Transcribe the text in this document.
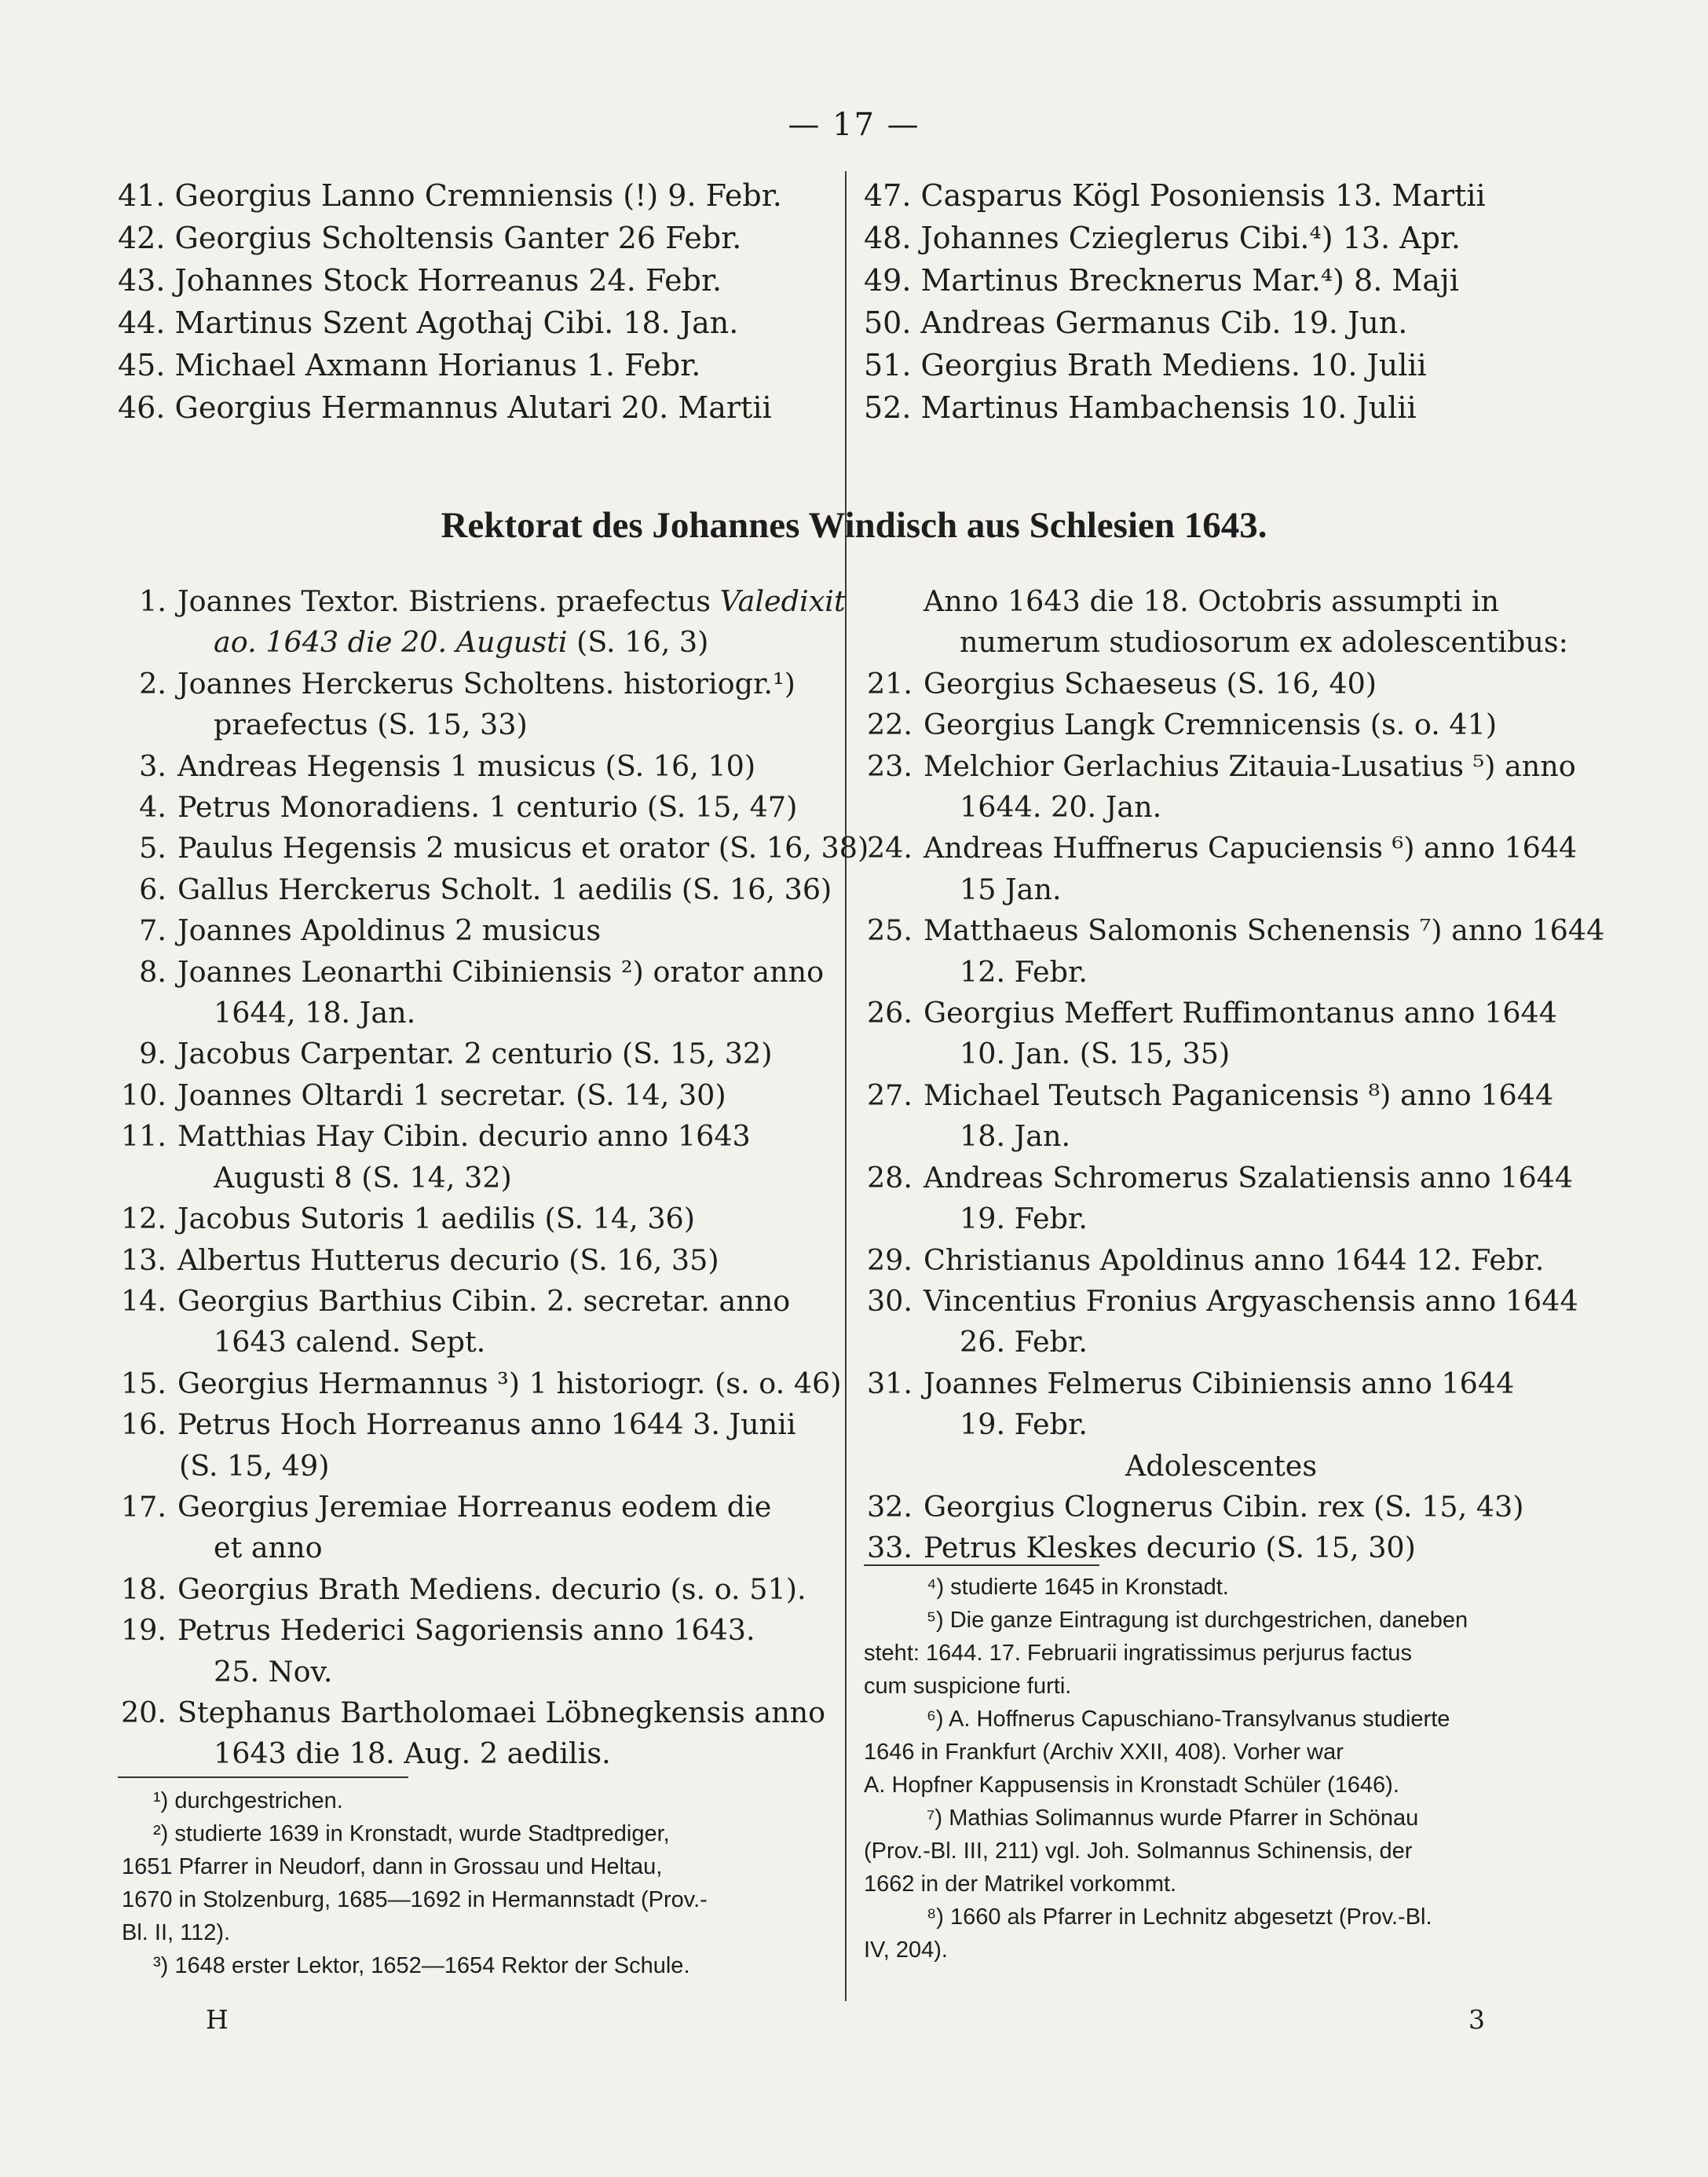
— 17 —
41. Georgius Lanno Cremniensis (!) 9. Febr.
42. Georgius Scholtensis Ganter 26 Febr.
43. Johannes Stock Horreanus 24. Febr.
44. Martinus Szent Agothaj Cibi. 18. Jan.
45. Michael Axmann Horianus 1. Febr.
46. Georgius Hermannus Alutari 20. Martii
47. Casparus Kögl Posoniensis 13. Martii
48. Johannes Czieglerus Cibi.⁴) 13. Apr.
49. Martinus Brecknerus Mar.⁴) 8. Maji
50. Andreas Germanus Cib. 19. Jun.
51. Georgius Brath Mediens. 10. Julii
52. Martinus Hambachensis 10. Julii
Rektorat des Johannes Windisch aus Schlesien 1643.
1. Joannes Textor. Bistriens. praefectus Valedixit
ao. 1643 die 20. Augusti (S. 16, 3)
2. Joannes Herckerus Scholtens. historiogr.¹)
praefectus (S. 15, 33)
3. Andreas Hegensis 1 musicus (S. 16, 10)
4. Petrus Monoradiens. 1 centurio (S. 15, 47)
5. Paulus Hegensis 2 musicus et orator (S. 16, 38)
6. Gallus Herckerus Scholt. 1 aedilis (S. 16, 36)
7. Joannes Apoldinus 2 musicus
8. Joannes Leonarthi Cibiniensis ²) orator anno
1644, 18. Jan.
9. Jacobus Carpentar. 2 centurio (S. 15, 32)
10. Joannes Oltardi 1 secretar. (S. 14, 30)
11. Matthias Hay Cibin. decurio anno 1643
Augusti 8 (S. 14, 32)
12. Jacobus Sutoris 1 aedilis (S. 14, 36)
13. Albertus Hutterus decurio (S. 16, 35)
14. Georgius Barthius Cibin. 2. secretar. anno
1643 calend. Sept.
15. Georgius Hermannus ³) 1 historiogr. (s. o. 46)
16. Petrus Hoch Horreanus anno 1644 3. Junii
(S. 15, 49)
17. Georgius Jeremiae Horreanus eodem die
et anno
18. Georgius Brath Mediens. decurio (s. o. 51).
19. Petrus Hederici Sagoriensis anno 1643.
25. Nov.
20. Stephanus Bartholomaei Löbnegkensis anno
1643 die 18. Aug. 2 aedilis.
Anno 1643 die 18. Octobris assumpti in
numerum studiosorum ex adolescentibus:
21. Georgius Schaeseus (S. 16, 40)
22. Georgius Langk Cremnicensis (s. o. 41)
23. Melchior Gerlachius Zitauia-Lusatius ⁵) anno
1644. 20. Jan.
24. Andreas Huffnerus Capuciensis ⁶) anno 1644
15 Jan.
25. Matthaeus Salomonis Schenensis ⁷) anno 1644
12. Febr.
26. Georgius Meffert Ruffimontanus anno 1644
10. Jan. (S. 15, 35)
27. Michael Teutsch Paganicensis ⁸) anno 1644
18. Jan.
28. Andreas Schromerus Szalatiensis anno 1644
19. Febr.
29. Christianus Apoldinus anno 1644 12. Febr.
30. Vincentius Fronius Argyaschensis anno 1644
26. Febr.
31. Joannes Felmerus Cibiniensis anno 1644
19. Febr.
Adolescentes
32. Georgius Clognerus Cibin. rex (S. 15, 43)
33. Petrus Kleskes decurio (S. 15, 30)
¹) durchgestrichen.
²) studierte 1639 in Kronstadt, wurde Stadtprediger,
1651 Pfarrer in Neudorf, dann in Grossau und Heltau,
1670 in Stolzenburg, 1685—1692 in Hermannstadt (Prov.-
Bl. II, 112).
³) 1648 erster Lektor, 1652—1654 Rektor der Schule.
⁴) studierte 1645 in Kronstadt.
⁵) Die ganze Eintragung ist durchgestrichen, daneben
steht: 1644. 17. Februarii ingratissimus perjurus factus
cum suspicione furti.
⁶) A. Hoffnerus Capuschiano-Transylvanus studierte
1646 in Frankfurt (Archiv XXII, 408). Vorher war
A. Hopfner Kappusensis in Kronstadt Schüler (1646).
⁷) Mathias Solimannus wurde Pfarrer in Schönau
(Prov.-Bl. III, 211) vgl. Joh. Solmannus Schinensis, der
1662 in der Matrikel vorkommt.
⁸) 1660 als Pfarrer in Lechnitz abgesetzt (Prov.-Bl.
IV, 204).
H	3
